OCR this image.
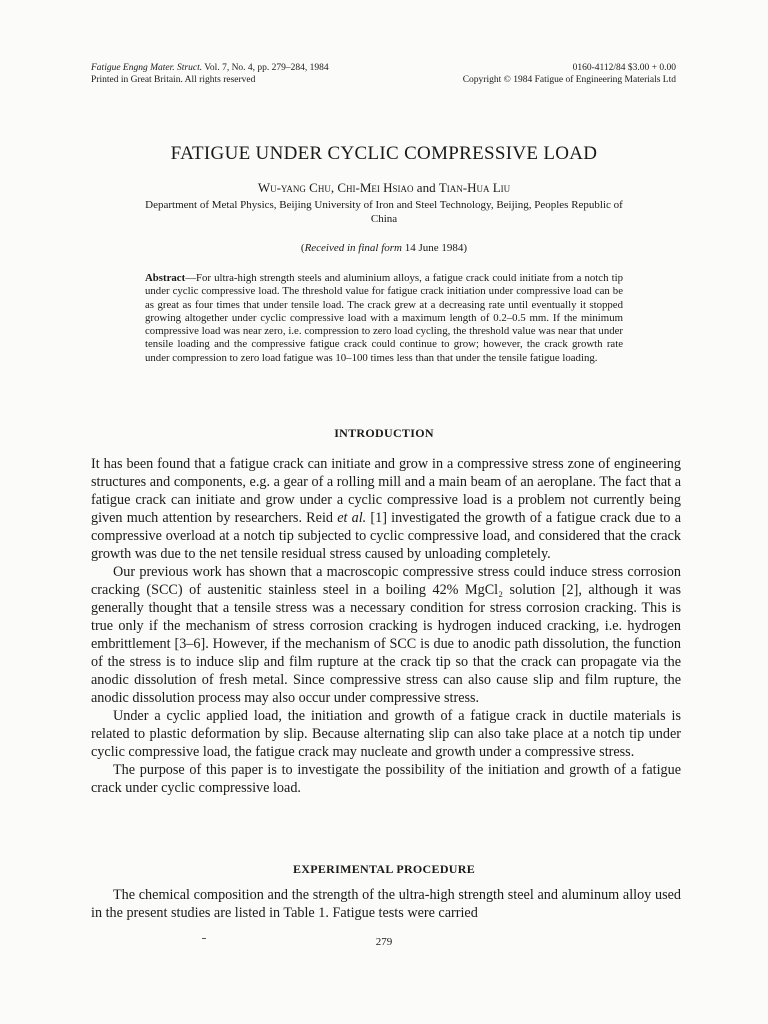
Fatigue Engng Mater. Struct. Vol. 7, No. 4, pp. 279–284, 1984
Printed in Great Britain. All rights reserved
0160-4112/84 $3.00 + 0.00
Copyright © 1984 Fatigue of Engineering Materials Ltd
FATIGUE UNDER CYCLIC COMPRESSIVE LOAD
Wu-yang Chu, Chi-Mei Hsiao and Tian-Hua Liu
Department of Metal Physics, Beijing University of Iron and Steel Technology, Beijing, Peoples Republic of China
(Received in final form 14 June 1984)
Abstract—For ultra-high strength steels and aluminium alloys, a fatigue crack could initiate from a notch tip under cyclic compressive load. The threshold value for fatigue crack initiation under compressive load can be as great as four times that under tensile load. The crack grew at a decreasing rate until eventually it stopped growing altogether under cyclic compressive load with a maximum length of 0.2–0.5 mm. If the minimum compressive load was near zero, i.e. compression to zero load cycling, the threshold value was near that under tensile loading and the compressive fatigue crack could continue to grow; however, the crack growth rate under compression to zero load fatigue was 10–100 times less than that under the tensile fatigue loading.
INTRODUCTION

It has been found that a fatigue crack can initiate and grow in a compressive stress zone of engineering structures and components, e.g. a gear of a rolling mill and a main beam of an aeroplane. The fact that a fatigue crack can initiate and grow under a cyclic compressive load is a problem not currently being given much attention by researchers. Reid et al. [1] investigated the growth of a fatigue crack due to a compressive overload at a notch tip subjected to cyclic compressive load, and considered that the crack growth was due to the net tensile residual stress caused by unloading completely.

Our previous work has shown that a macroscopic compressive stress could induce stress corrosion cracking (SCC) of austenitic stainless steel in a boiling 42% MgCl₂ solution [2], although it was generally thought that a tensile stress was a necessary condition for stress corrosion cracking. This is true only if the mechanism of stress corrosion cracking is hydrogen induced cracking, i.e. hydrogen embrittlement [3–6]. However, if the mechanism of SCC is due to anodic path dissolution, the function of the stress is to induce slip and film rupture at the crack tip so that the crack can propagate via the anodic dissolution of fresh metal. Since compressive stress can also cause slip and film rupture, the anodic dissolution process may also occur under compressive stress.

Under a cyclic applied load, the initiation and growth of a fatigue crack in ductile materials is related to plastic deformation by slip. Because alternating slip can also take place at a notch tip under cyclic compressive load, the fatigue crack may nucleate and growth under a compressive stress.

The purpose of this paper is to investigate the possibility of the initiation and growth of a fatigue crack under cyclic compressive load.

EXPERIMENTAL PROCEDURE

The chemical composition and the strength of the ultra-high strength steel and aluminum alloy used in the present studies are listed in Table 1. Fatigue tests were carried

279
